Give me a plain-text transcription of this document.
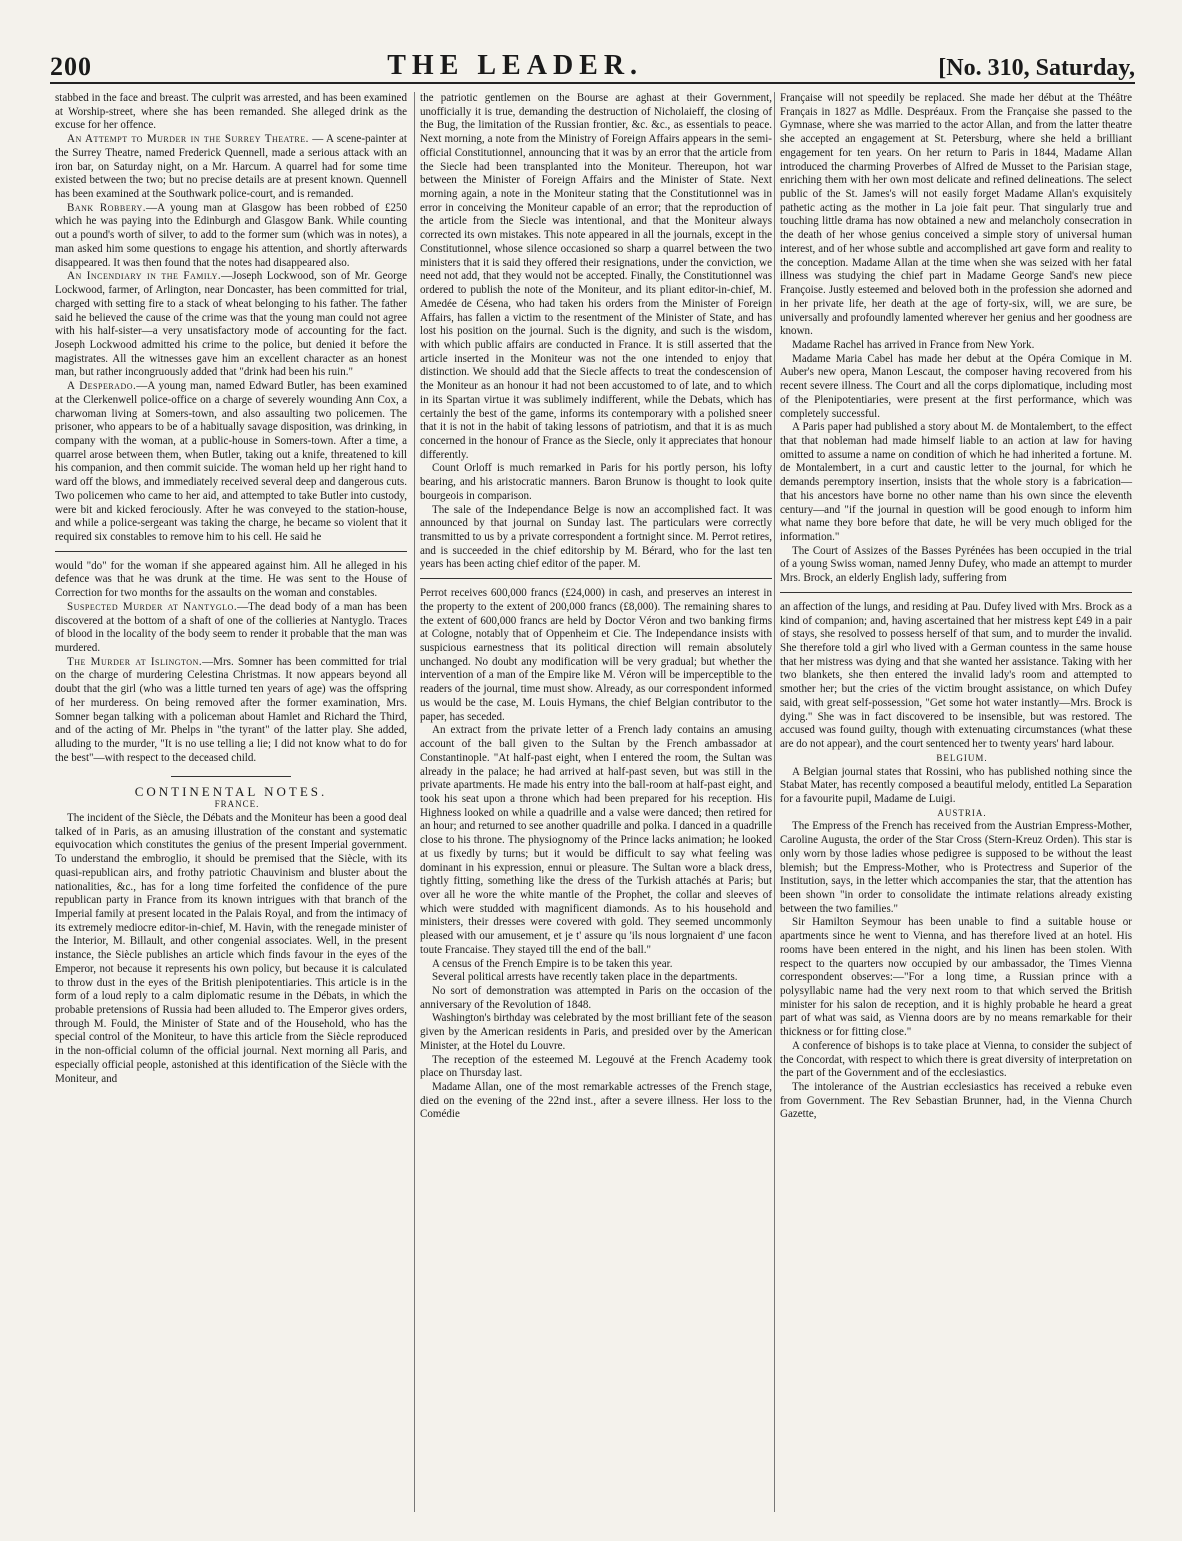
200	THE LEADER.	[No. 310, Saturday,

stabbed in the face and breast. The culprit was arrested, and has been examined at Worship-street, where she has been remanded. She alleged drink as the excuse for her offence.

An Attempt to Murder in the Surrey Theatre. — A scene-painter at the Surrey Theatre, named Frederick Quennell, made a serious attack with an iron bar, on Saturday night, on a Mr. Harcum. A quarrel had for some time existed between the two; but no precise details are at present known. Quennell has been examined at the Southwark police-court, and is remanded.

Bank Robbery.—A young man at Glasgow has been robbed of £250 which he was paying into the Edinburgh and Glasgow Bank. While counting out a pound's worth of silver, to add to the former sum (which was in notes), a man asked him some questions to engage his attention, and shortly afterwards disappeared. It was then found that the notes had disappeared also.

An Incendiary in the Family.—Joseph Lockwood, son of Mr. George Lockwood, farmer, of Arlington, near Doncaster, has been committed for trial, charged with setting fire to a stack of wheat belonging to his father. The father said he believed the cause of the crime was that the young man could not agree with his half-sister—a very unsatisfactory mode of accounting for the fact. Joseph Lockwood admitted his crime to the police, but denied it before the magistrates. All the witnesses gave him an excellent character as an honest man, but rather incongruously added that "drink had been his ruin."

A Desperado.—A young man, named Edward Butler, has been examined at the Clerkenwell police-office on a charge of severely wounding Ann Cox, a charwoman living at Somers-town, and also assaulting two policemen. The prisoner, who appears to be of a habitually savage disposition, was drinking, in company with the woman, at a public-house in Somers-town. After a time, a quarrel arose between them, when Butler, taking out a knife, threatened to kill his companion, and then commit suicide. The woman held up her right hand to ward off the blows, and immediately received several deep and dangerous cuts. Two policemen who came to her aid, and attempted to take Butler into custody, were bit and kicked ferociously. After he was conveyed to the station-house, and while a police-sergeant was taking the charge, he became so violent that it required six constables to remove him to his cell. He said he

would "do" for the woman if she appeared against him. All he alleged in his defence was that he was drunk at the time. He was sent to the House of Correction for two months for the assaults on the woman and constables.

Suspected Murder at Nantyglo.—The dead body of a man has been discovered at the bottom of a shaft of one of the collieries at Nantyglo. Traces of blood in the locality of the body seem to render it probable that the man was murdered.

The Murder at Islington.—Mrs. Somner has been committed for trial on the charge of murdering Celestina Christmas. It now appears beyond all doubt that the girl (who was a little turned ten years of age) was the offspring of her murderess. On being removed after the former examination, Mrs. Somner began talking with a policeman about Hamlet and Richard the Third, and of the acting of Mr. Phelps in "the tyrant" of the latter play. She added, alluding to the murder, "It is no use telling a lie; I did not know what to do for the best"—with respect to the deceased child.

CONTINENTAL NOTES.

FRANCE.

The incident of the Siècle, the Débats and the Moniteur has been a good deal talked of in Paris, as an amusing illustration of the constant and systematic equivocation which constitutes the genius of the present Imperial government. To understand the embroglio, it should be premised that the Siècle, with its quasi-republican airs, and frothy patriotic Chauvinism and bluster about the nationalities, &c., has for a long time forfeited the confidence of the pure republican party in France from its known intrigues with that branch of the Imperial family at present located in the Palais Royal, and from the intimacy of its extremely mediocre editor-in-chief, M. Havin, with the renegade minister of the Interior, M. Billault, and other congenial associates. Well, in the present instance, the Siècle publishes an article which finds favour in the eyes of the Emperor, not because it represents his own policy, but because it is calculated to throw dust in the eyes of the British plenipotentiaries. This article is in the form of a loud reply to a calm diplomatic resume in the Débats, in which the probable pretensions of Russia had been alluded to. The Emperor gives orders, through M. Fould, the Minister of State and of the Household, who has the special control of the Moniteur, to have this article from the Siècle reproduced in the non-official column of the official journal. Next morning all Paris, and especially official people, astonished at this identification of the Siècle with the Moniteur, and

the patriotic gentlemen on the Bourse are aghast at their Government, unofficially it is true, demanding the destruction of Nicholaieff, the closing of the Bug, the limitation of the Russian frontier, &c. &c., as essentials to peace. Next morning, a note from the Ministry of Foreign Affairs appears in the semi-official Constitutionnel, announcing that it was by an error that the article from the Siecle had been transplanted into the Moniteur. Thereupon, hot war between the Minister of Foreign Affairs and the Minister of State. Next morning again, a note in the Moniteur stating that the Constitutionnel was in error in conceiving the Moniteur capable of an error; that the reproduction of the article from the Siecle was intentional, and that the Moniteur always corrected its own mistakes. This note appeared in all the journals, except in the Constitutionnel, whose silence occasioned so sharp a quarrel between the two ministers that it is said they offered their resignations, under the conviction, we need not add, that they would not be accepted. Finally, the Constitutionnel was ordered to publish the note of the Moniteur, and its pliant editor-in-chief, M. Amedée de Césena, who had taken his orders from the Minister of Foreign Affairs, has fallen a victim to the resentment of the Minister of State, and has lost his position on the journal. Such is the dignity, and such is the wisdom, with which public affairs are conducted in France. It is still asserted that the article inserted in the Moniteur was not the one intended to enjoy that distinction. We should add that the Siecle affects to treat the condescension of the Moniteur as an honour it had not been accustomed to of late, and to which in its Spartan virtue it was sublimely indifferent, while the Debats, which has certainly the best of the game, informs its contemporary with a polished sneer that it is not in the habit of taking lessons of patriotism, and that it is as much concerned in the honour of France as the Siecle, only it appreciates that honour differently.

Count Orloff is much remarked in Paris for his portly person, his lofty bearing, and his aristocratic manners. Baron Brunow is thought to look quite bourgeois in comparison.

The sale of the Independance Belge is now an accomplished fact. It was announced by that journal on Sunday last. The particulars were correctly transmitted to us by a private correspondent a fortnight since. M. Perrot retires, and is succeeded in the chief editorship by M. Bérard, who for the last ten years has been acting chief editor of the paper. M.

Perrot receives 600,000 francs (£24,000) in cash, and preserves an interest in the property to the extent of 200,000 francs (£8,000). The remaining shares to the extent of 600,000 francs are held by Doctor Véron and two banking firms at Cologne, notably that of Oppenheim et Cie. The Independance insists with suspicious earnestness that its political direction will remain absolutely unchanged. No doubt any modification will be very gradual; but whether the intervention of a man of the Empire like M. Véron will be imperceptible to the readers of the journal, time must show. Already, as our correspondent informed us would be the case, M. Louis Hymans, the chief Belgian contributor to the paper, has seceded.

An extract from the private letter of a French lady contains an amusing account of the ball given to the Sultan by the French ambassador at Constantinople. "At half-past eight, when I entered the room, the Sultan was already in the palace; he had arrived at half-past seven, but was still in the private apartments. He made his entry into the ball-room at half-past eight, and took his seat upon a throne which had been prepared for his reception. His Highness looked on while a quadrille and a valse were danced; then retired for an hour; and returned to see another quadrille and polka. I danced in a quadrille close to his throne. The physiognomy of the Prince lacks animation; he looked at us fixedly by turns; but it would be difficult to say what feeling was dominant in his expression, ennui or pleasure. The Sultan wore a black dress, tightly fitting, something like the dress of the Turkish attachés at Paris; but over all he wore the white mantle of the Prophet, the collar and sleeves of which were studded with magnificent diamonds. As to his household and ministers, their dresses were covered with gold. They seemed uncommonly pleased with our amusement, et je t' assure qu 'ils nous lorgnaient d' une facon toute Francaise. They stayed till the end of the ball."

A census of the French Empire is to be taken this year.

Several political arrests have recently taken place in the departments.

No sort of demonstration was attempted in Paris on the occasion of the anniversary of the Revolution of 1848.

Washington's birthday was celebrated by the most brilliant fete of the season given by the American residents in Paris, and presided over by the American Minister, at the Hotel du Louvre.

The reception of the esteemed M. Legouvé at the French Academy took place on Thursday last.

Madame Allan, one of the most remarkable actresses of the French stage, died on the evening of the 22nd inst., after a severe illness. Her loss to the Comédie

Française will not speedily be replaced. She made her début at the Théâtre Français in 1827 as Mdlle. Despréaux. From the Française she passed to the Gymnase, where she was married to the actor Allan, and from the latter theatre she accepted an engagement at St. Petersburg, where she held a brilliant engagement for ten years. On her return to Paris in 1844, Madame Allan introduced the charming Proverbes of Alfred de Musset to the Parisian stage, enriching them with her own most delicate and refined delineations. The select public of the St. James's will not easily forget Madame Allan's exquisitely pathetic acting as the mother in La joie fait peur. That singularly true and touching little drama has now obtained a new and melancholy consecration in the death of her whose genius conceived a simple story of universal human interest, and of her whose subtle and accomplished art gave form and reality to the conception. Madame Allan at the time when she was seized with her fatal illness was studying the chief part in Madame George Sand's new piece Françoise. Justly esteemed and beloved both in the profession she adorned and in her private life, her death at the age of forty-six, will, we are sure, be universally and profoundly lamented wherever her genius and her goodness are known.

Madame Rachel has arrived in France from New York.

Madame Maria Cabel has made her debut at the Opéra Comique in M. Auber's new opera, Manon Lescaut, the composer having recovered from his recent severe illness. The Court and all the corps diplomatique, including most of the Plenipotentiaries, were present at the first performance, which was completely successful.

A Paris paper had published a story about M. de Montalembert, to the effect that that nobleman had made himself liable to an action at law for having omitted to assume a name on condition of which he had inherited a fortune. M. de Montalembert, in a curt and caustic letter to the journal, for which he demands peremptory insertion, insists that the whole story is a fabrication—that his ancestors have borne no other name than his own since the eleventh century—and "if the journal in question will be good enough to inform him what name they bore before that date, he will be very much obliged for the information."

The Court of Assizes of the Basses Pyrénées has been occupied in the trial of a young Swiss woman, named Jenny Dufey, who made an attempt to murder Mrs. Brock, an elderly English lady, suffering from

an affection of the lungs, and residing at Pau. Dufey lived with Mrs. Brock as a kind of companion; and, having ascertained that her mistress kept £49 in a pair of stays, she resolved to possess herself of that sum, and to murder the invalid. She therefore told a girl who lived with a German countess in the same house that her mistress was dying and that she wanted her assistance. Taking with her two blankets, she then entered the invalid lady's room and attempted to smother her; but the cries of the victim brought assistance, on which Dufey said, with great self-possession, "Get some hot water instantly—Mrs. Brock is dying." She was in fact discovered to be insensible, but was restored. The accused was found guilty, though with extenuating circumstances (what these are do not appear), and the court sentenced her to twenty years' hard labour.

BELGIUM.

A Belgian journal states that Rossini, who has published nothing since the Stabat Mater, has recently composed a beautiful melody, entitled La Separation for a favourite pupil, Madame de Luigi.

AUSTRIA.

The Empress of the French has received from the Austrian Empress-Mother, Caroline Augusta, the order of the Star Cross (Stern-Kreuz Orden). This star is only worn by those ladies whose pedigree is supposed to be without the least blemish; but the Empress-Mother, who is Protectress and Superior of the Institution, says, in the letter which accompanies the star, that the attention has been shown "in order to consolidate the intimate relations already existing between the two families."

Sir Hamilton Seymour has been unable to find a suitable house or apartments since he went to Vienna, and has therefore lived at an hotel. His rooms have been entered in the night, and his linen has been stolen. With respect to the quarters now occupied by our ambassador, the Times Vienna correspondent observes:—"For a long time, a Russian prince with a polysyllabic name had the very next room to that which served the British minister for his salon de reception, and it is highly probable he heard a great part of what was said, as Vienna doors are by no means remarkable for their thickness or for fitting close."

A conference of bishops is to take place at Vienna, to consider the subject of the Concordat, with respect to which there is great diversity of interpretation on the part of the Government and of the ecclesiastics.

The intolerance of the Austrian ecclesiastics has received a rebuke even from Government. The Rev Sebastian Brunner, had, in the Vienna Church Gazette,
